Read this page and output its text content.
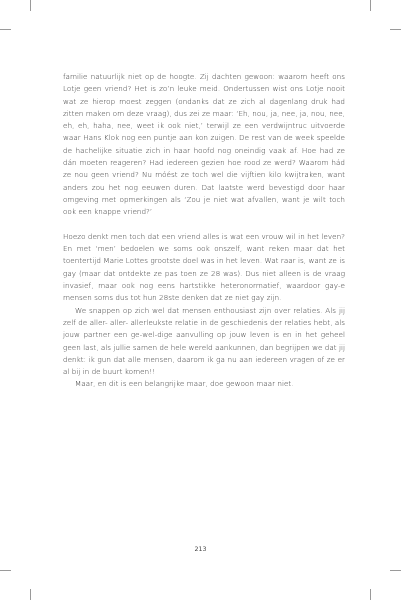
familie natuurlijk niet op de hoogte. Zij dachten gewoon: waarom heeft ons Lotje geen vriend? Het is zo’n leuke meid. Ondertussen wist ons Lotje nooit wat ze hierop moest zeggen (ondanks dat ze zich al dagenlang druk had zitten maken om deze vraag), dus zei ze maar: ‘Eh, nou, ja, nee, ja, nou, nee, eh, eh, haha, nee, weet ik ook niet,’ terwijl ze een verdwijntruc uitvoerde waar Hans Klok nog een puntje aan kon zuigen. De rest van de week speelde de hachelijke situatie zich in haar hoofd nog oneindig vaak af. Hoe had ze dán moeten reageren? Had iedereen gezien hoe rood ze werd? Waarom hád ze nou geen vriend? Nu móést ze toch wel die vijftien kilo kwijtraken, want anders zou het nog eeuwen duren. Dat laatste werd bevestigd door haar omgeving met opmerkingen als ‘Zou je niet wat afvallen, want je wilt toch ook een knappe vriend?’

Hoezo denkt men toch dat een vriend alles is wat een vrouw wil in het leven? En met ‘men’ bedoelen we soms ook onszelf, want reken maar dat het toentertijd Marie Lottes grootste doel was in het leven. Wat raar is, want ze is gay (maar dat ontdekte ze pas toen ze 28 was). Dus niet alleen is de vraag invasief, maar ook nog eens hartstikke heteronormatief, waardoor gay-e mensen soms dus tot hun 28ste denken dat ze niet gay zijn.

We snappen op zich wel dat mensen enthousiast zijn over relaties. Als jij zelf de aller- aller- allerleukste relatie in de geschiedenis der relaties hebt, als jouw partner een ge-wel-dige aanvulling op jouw leven is en in het geheel geen last, als jullie samen de hele wereld aankunnen, dan begrijpen we dat jij denkt: ik gun dat alle mensen, daarom ik ga nu aan iedereen vragen of ze er al bij in de buurt komen!!

Maar, en dit is een belangrijke maar, doe gewoon maar niet.

213
